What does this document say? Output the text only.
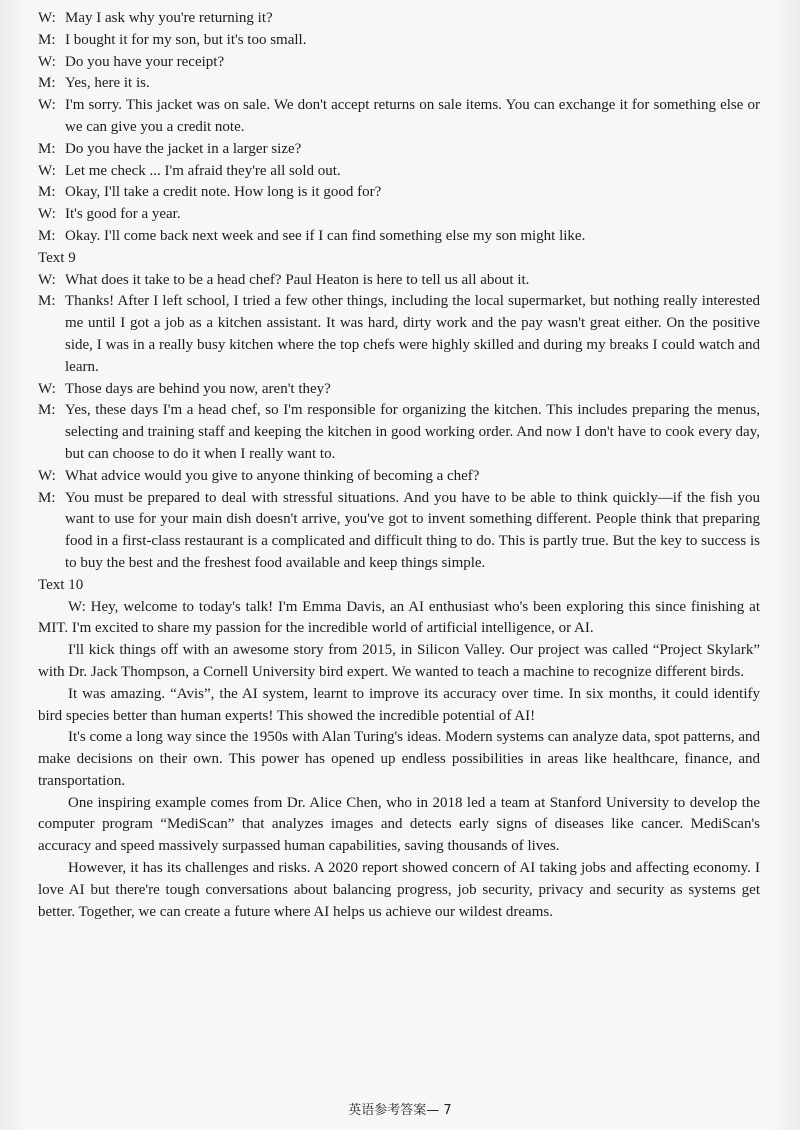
W: May I ask why you're returning it?

M: I bought it for my son, but it's too small.

W: Do you have your receipt?

M: Yes, here it is.

W: I'm sorry. This jacket was on sale. We don't accept returns on sale items. You can exchange it for something else or we can give you a credit note.

M: Do you have the jacket in a larger size?

W: Let me check ... I'm afraid they're all sold out.

M: Okay, I'll take a credit note. How long is it good for?

W: It's good for a year.

M: Okay. I'll come back next week and see if I can find something else my son might like.

Text 9

W: What does it take to be a head chef? Paul Heaton is here to tell us all about it.

M: Thanks! After I left school, I tried a few other things, including the local supermarket, but nothing really interested me until I got a job as a kitchen assistant. It was hard, dirty work and the pay wasn't great either. On the positive side, I was in a really busy kitchen where the top chefs were highly skilled and during my breaks I could watch and learn.

W: Those days are behind you now, aren't they?

M: Yes, these days I'm a head chef, so I'm responsible for organizing the kitchen. This includes preparing the menus, selecting and training staff and keeping the kitchen in good working order. And now I don't have to cook every day, but can choose to do it when I really want to.

W: What advice would you give to anyone thinking of becoming a chef?

M: You must be prepared to deal with stressful situations. And you have to be able to think quickly—if the fish you want to use for your main dish doesn't arrive, you've got to invent something different. People think that preparing food in a first-class restaurant is a complicated and difficult thing to do. This is partly true. But the key to success is to buy the best and the freshest food available and keep things simple.

Text 10

W: Hey, welcome to today's talk! I'm Emma Davis, an AI enthusiast who's been exploring this since finishing at MIT. I'm excited to share my passion for the incredible world of artificial intelligence, or AI.

I'll kick things off with an awesome story from 2015, in Silicon Valley. Our project was called “Project Skylark” with Dr. Jack Thompson, a Cornell University bird expert. We wanted to teach a machine to recognize different birds.

It was amazing. “Avis”, the AI system, learnt to improve its accuracy over time. In six months, it could identify bird species better than human experts! This showed the incredible potential of AI!

It's come a long way since the 1950s with Alan Turing's ideas. Modern systems can analyze data, spot patterns, and make decisions on their own. This power has opened up endless possibilities in areas like healthcare, finance, and transportation.

One inspiring example comes from Dr. Alice Chen, who in 2018 led a team at Stanford University to develop the computer program “MediScan” that analyzes images and detects early signs of diseases like cancer. MediScan's accuracy and speed massively surpassed human capabilities, saving thousands of lives.

However, it has its challenges and risks. A 2020 report showed concern of AI taking jobs and affecting economy. I love AI but there're tough conversations about balancing progress, job security, privacy and security as systems get better. Together, we can create a future where AI helps us achieve our wildest dreams.

英语参考答案— 7
